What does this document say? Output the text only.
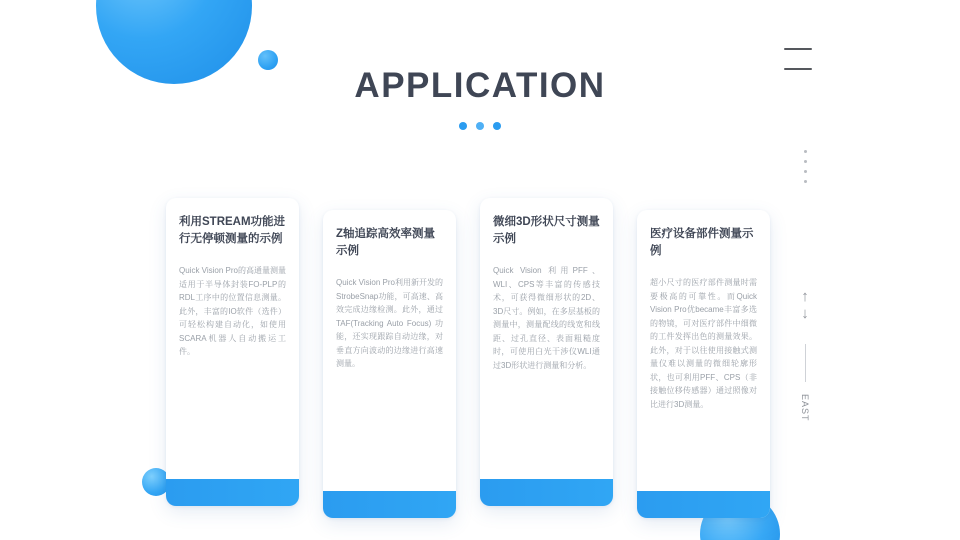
APPLICATION
↑
↓
EAST

利用STREAM功能进行无停顿测量的示例

Quick Vision Pro的高通量测量适用于半导体封装FO-PLP的RDL工序中的位置信息测量。此外，丰富的IO软件（选件）可轻松构建自动化，如使用SCARA机器人自动搬运工件。

Z轴追踪高效率测量示例

Quick Vision Pro利用新开发的StrobeSnap功能，可高速、高效完成边缘检测。此外，通过TAF(Tracking Auto Focus) 功能，还实现跟踪自动边缘，对垂直方向波动的边缘进行高速测量。

微细3D形状尺寸测量示例

Quick Vision 利用PFF、WLI、CPS等丰富的传感技术，可获得微细形状的2D、3D尺寸。例如，在多层基板的测量中，测量配线的线宽和线距、过孔直径、表面粗糙度时，可使用白光干涉仪WLI通过3D形状进行测量和分析。

医疗设备部件测量示例

超小尺寸的医疗部件测量时需要极高的可靠性。而Quick Vision Pro优became丰富多选的物镜，可对医疗部件中细微的工件发挥出色的测量效果。此外，对于以往使用接触式测量仪难以测量的微细轮廓形状，也可利用PFF、CPS（非接触位移传感器）通过照像对比进行3D测量。
